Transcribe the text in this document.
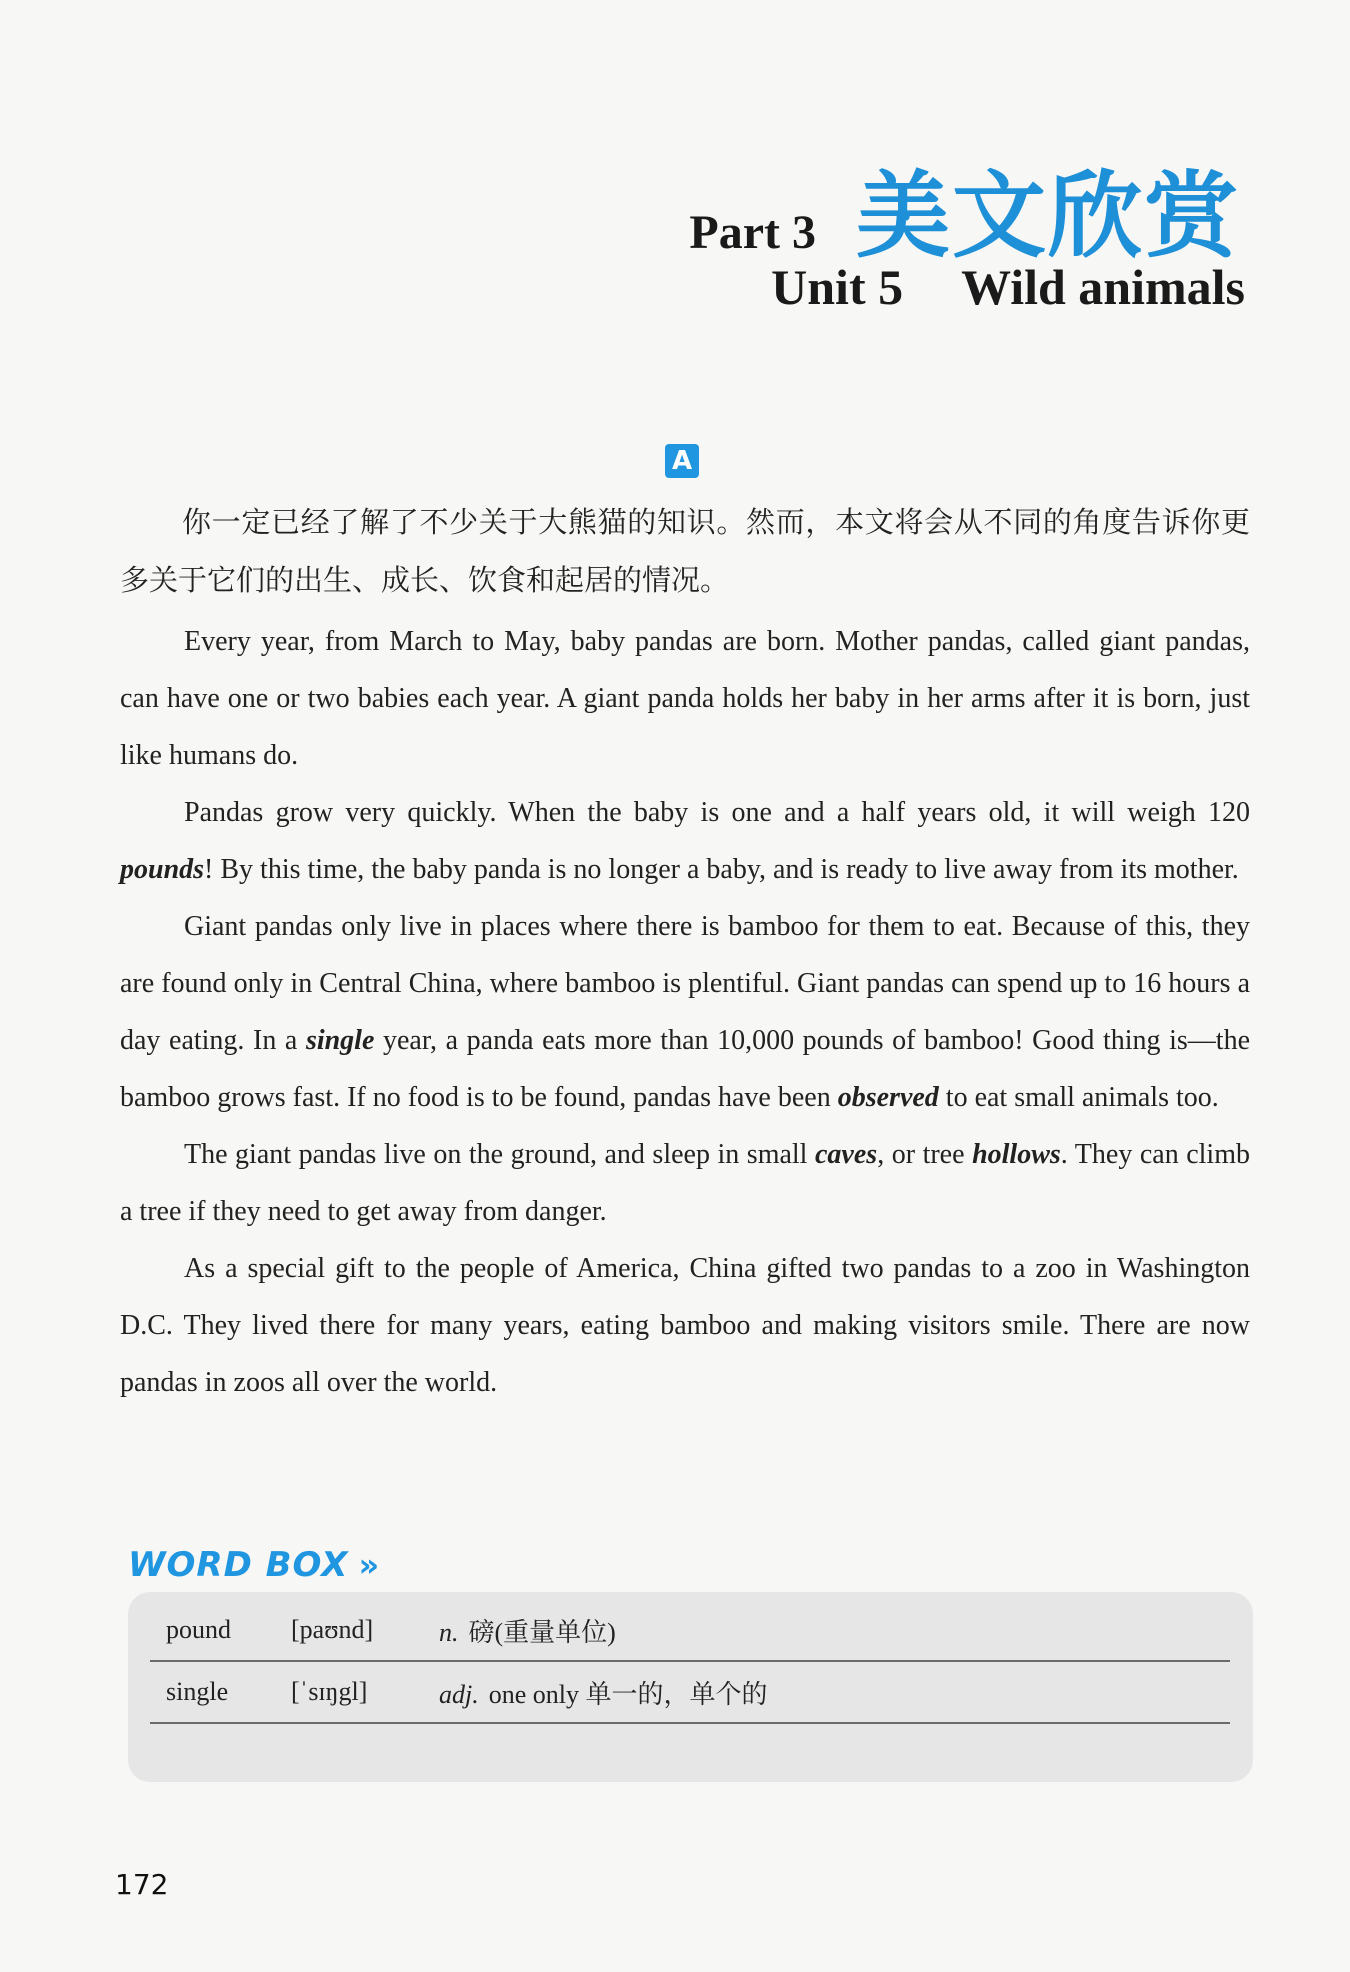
Part 3 美文欣赏
Unit 5 Wild animals
A

你一定已经了解了不少关于大熊猫的知识。然而，本文将会从不同的角度告诉你更多关于它们的出生、成长、饮食和起居的情况。

Every year, from March to May, baby pandas are born. Mother pandas, called giant pandas, can have one or two babies each year. A giant panda holds her baby in her arms after it is born, just like humans do.

Pandas grow very quickly. When the baby is one and a half years old, it will weigh 120 pounds! By this time, the baby panda is no longer a baby, and is ready to live away from its mother.

Giant pandas only live in places where there is bamboo for them to eat. Because of this, they are found only in Central China, where bamboo is plentiful. Giant pandas can spend up to 16 hours a day eating. In a single year, a panda eats more than 10,000 pounds of bamboo! Good thing is—the bamboo grows fast. If no food is to be found, pandas have been observed to eat small animals too.

The giant pandas live on the ground, and sleep in small caves, or tree hollows. They can climb a tree if they need to get away from danger.

As a special gift to the people of America, China gifted two pandas to a zoo in Washington D.C. They lived there for many years, eating bamboo and making visitors smile. There are now pandas in zoos all over the world.

WORD BOX »
pound	[paʊnd]	n. 磅(重量单位)
single	[ˈsɪŋgl]	adj. one only 单一的，单个的
172
